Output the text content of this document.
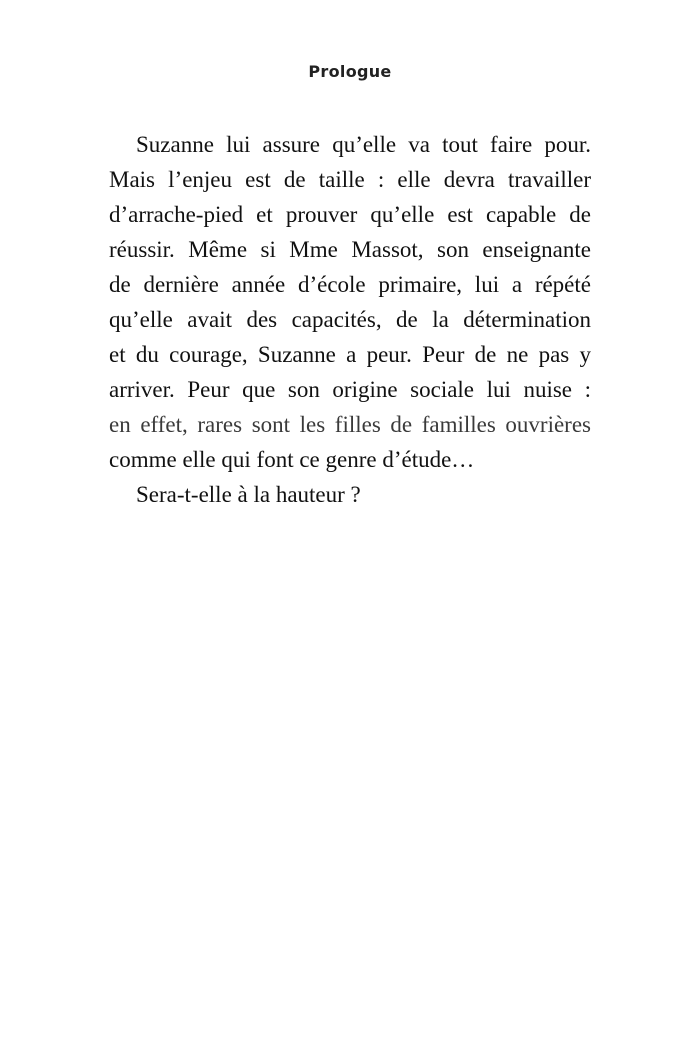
Prologue
Suzanne lui assure qu’elle va tout faire pour.
Mais l’enjeu est de taille : elle devra travailler
d’arrache-pied et prouver qu’elle est capable de
réussir. Même si Mme Massot, son enseignante
de dernière année d’école primaire, lui a répété
qu’elle avait des capacités, de la détermination
et du courage, Suzanne a peur. Peur de ne pas y
arriver. Peur que son origine sociale lui nuise :
en effet, rares sont les filles de familles ouvrières
comme elle qui font ce genre d’étude…
Sera-t-elle à la hauteur ?
